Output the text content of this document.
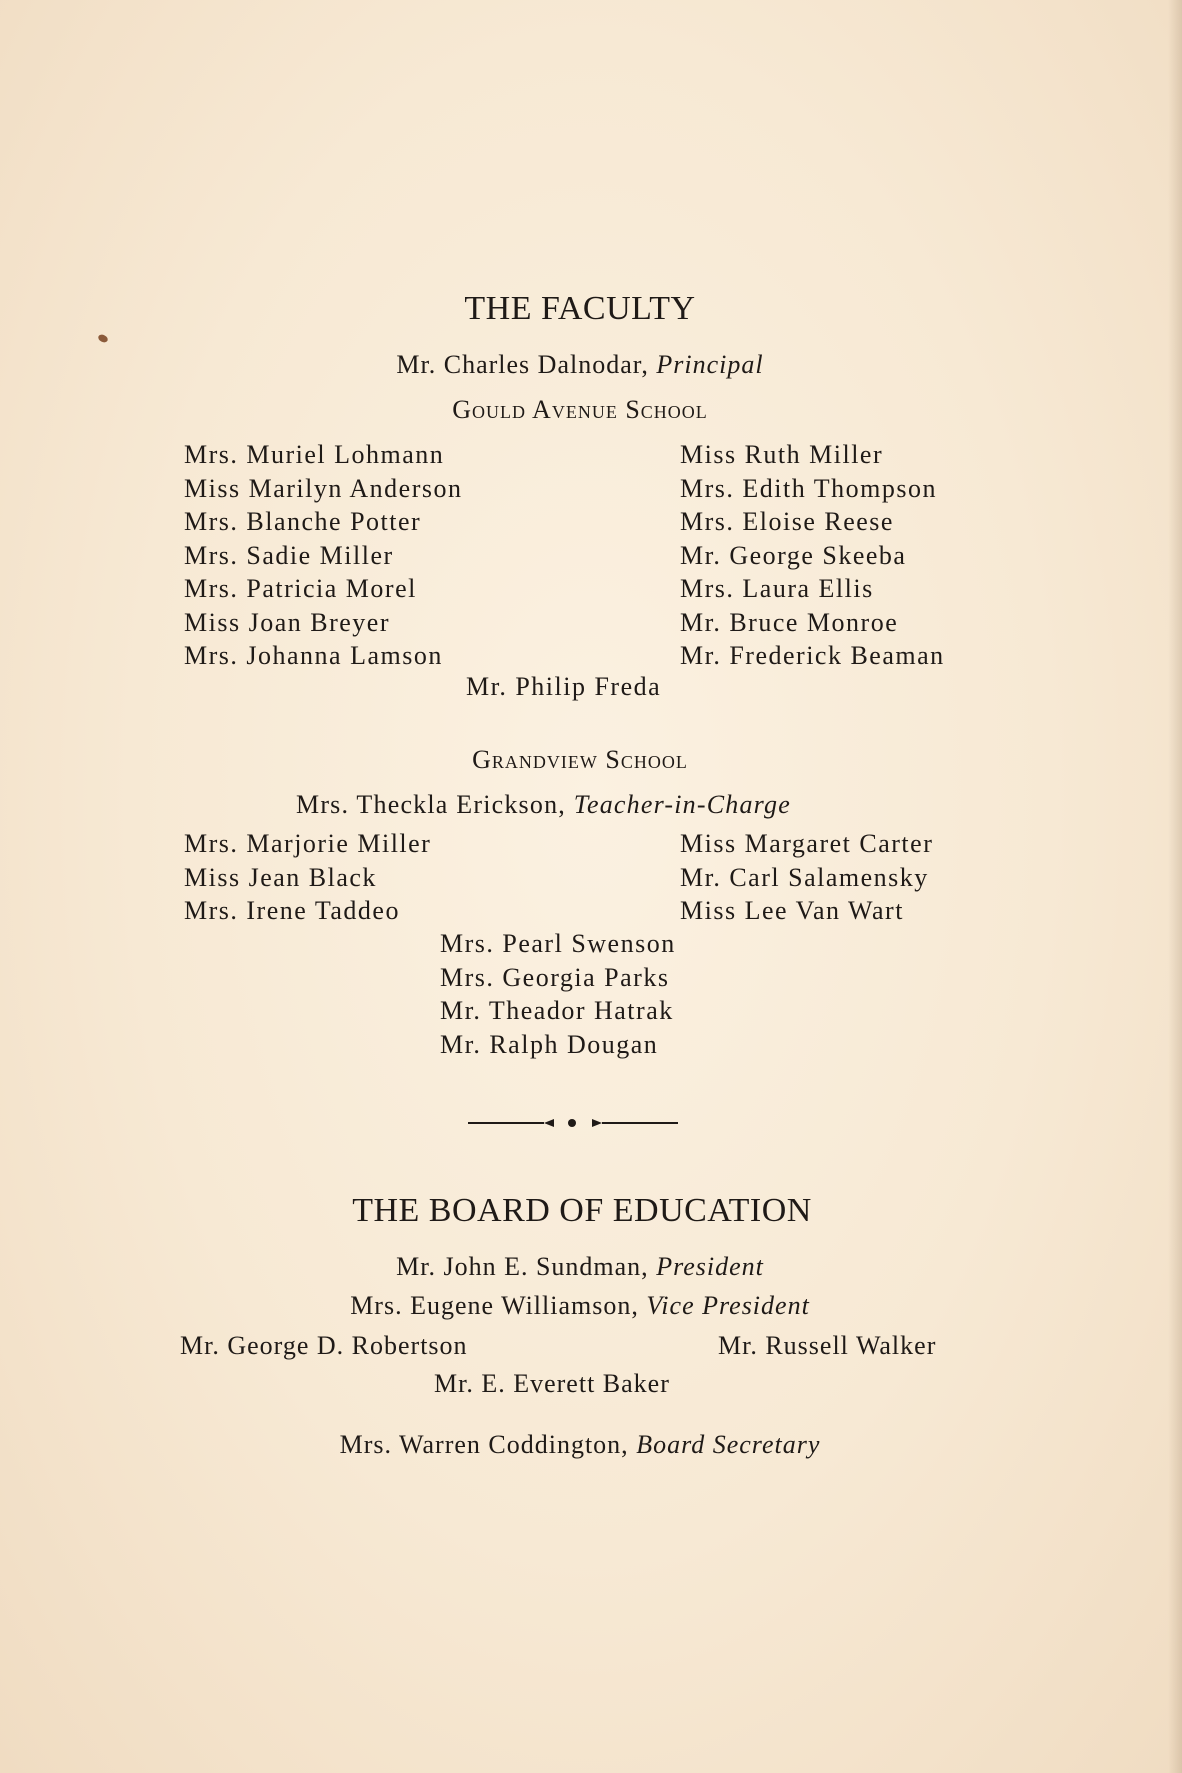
THE FACULTY
Mr. Charles Dalnodar, Principal
Gould Avenue School
Mrs. Muriel Lohmann
Miss Marilyn Anderson
Mrs. Blanche Potter
Mrs. Sadie Miller
Mrs. Patricia Morel
Miss Joan Breyer
Mrs. Johanna Lamson
Miss Ruth Miller
Mrs. Edith Thompson
Mrs. Eloise Reese
Mr. George Skeeba
Mrs. Laura Ellis
Mr. Bruce Monroe
Mr. Frederick Beaman
Mr. Philip Freda
Grandview School
Mrs. Theckla Erickson, Teacher-in-Charge
Mrs. Marjorie Miller
Miss Jean Black
Mrs. Irene Taddeo
Miss Margaret Carter
Mr. Carl Salamensky
Miss Lee Van Wart
Mrs. Pearl Swenson
Mrs. Georgia Parks
Mr. Theador Hatrak
Mr. Ralph Dougan
THE BOARD OF EDUCATION
Mr. John E. Sundman, President
Mrs. Eugene Williamson, Vice President
Mr. George D. Robertson	Mr. Russell Walker
Mr. E. Everett Baker
Mrs. Warren Coddington, Board Secretary
